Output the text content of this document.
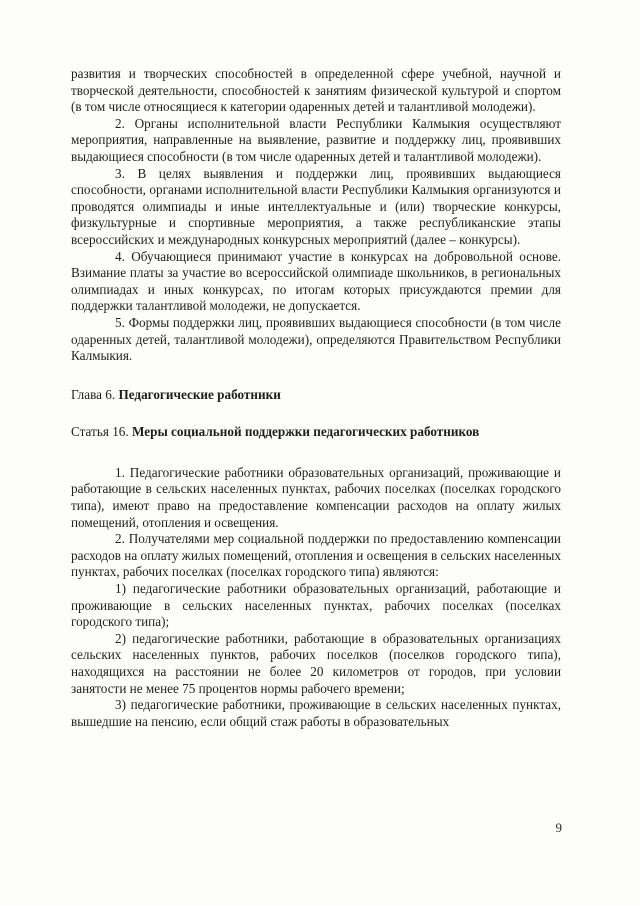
развития и творческих способностей в определенной сфере учебной, научной и творческой деятельности, способностей к занятиям физической культурой и спортом (в том числе относящиеся к категории одаренных детей и талантливой молодежи).

2. Органы исполнительной власти Республики Калмыкия осуществляют мероприятия, направленные на выявление, развитие и поддержку лиц, проявивших выдающиеся способности (в том числе одаренных детей и талантливой молодежи).

3. В целях выявления и поддержки лиц, проявивших выдающиеся способности, органами исполнительной власти Республики Калмыкия организуются и проводятся олимпиады и иные интеллектуальные и (или) творческие конкурсы, физкультурные и спортивные мероприятия, а также республиканские этапы всероссийских и международных конкурсных мероприятий (далее – конкурсы).

4. Обучающиеся принимают участие в конкурсах на добровольной основе. Взимание платы за участие во всероссийской олимпиаде школьников, в региональных олимпиадах и иных конкурсах, по итогам которых присуждаются премии для поддержки талантливой молодежи, не допускается.

5. Формы поддержки лиц, проявивших выдающиеся способности (в том числе одаренных детей, талантливой молодежи), определяются Правительством Республики Калмыкия.

Глава 6. Педагогические работники

Статья 16. Меры социальной поддержки педагогических работников

1. Педагогические работники образовательных организаций, проживающие и работающие в сельских населенных пунктах, рабочих поселках (поселках городского типа), имеют право на предоставление компенсации расходов на оплату жилых помещений, отопления и освещения.

2. Получателями мер социальной поддержки по предоставлению компенсации расходов на оплату жилых помещений, отопления и освещения в сельских населенных пунктах, рабочих поселках (поселках городского типа) являются:

1) педагогические работники образовательных организаций, работающие и проживающие в сельских населенных пунктах, рабочих поселках (поселках городского типа);

2) педагогические работники, работающие в образовательных организациях сельских населенных пунктов, рабочих поселков (поселков городского типа), находящихся на расстоянии не более 20 километров от городов, при условии занятости не менее 75 процентов нормы рабочего времени;

3) педагогические работники, проживающие в сельских населенных пунктах, вышедшие на пенсию, если общий стаж работы в образовательных

9
